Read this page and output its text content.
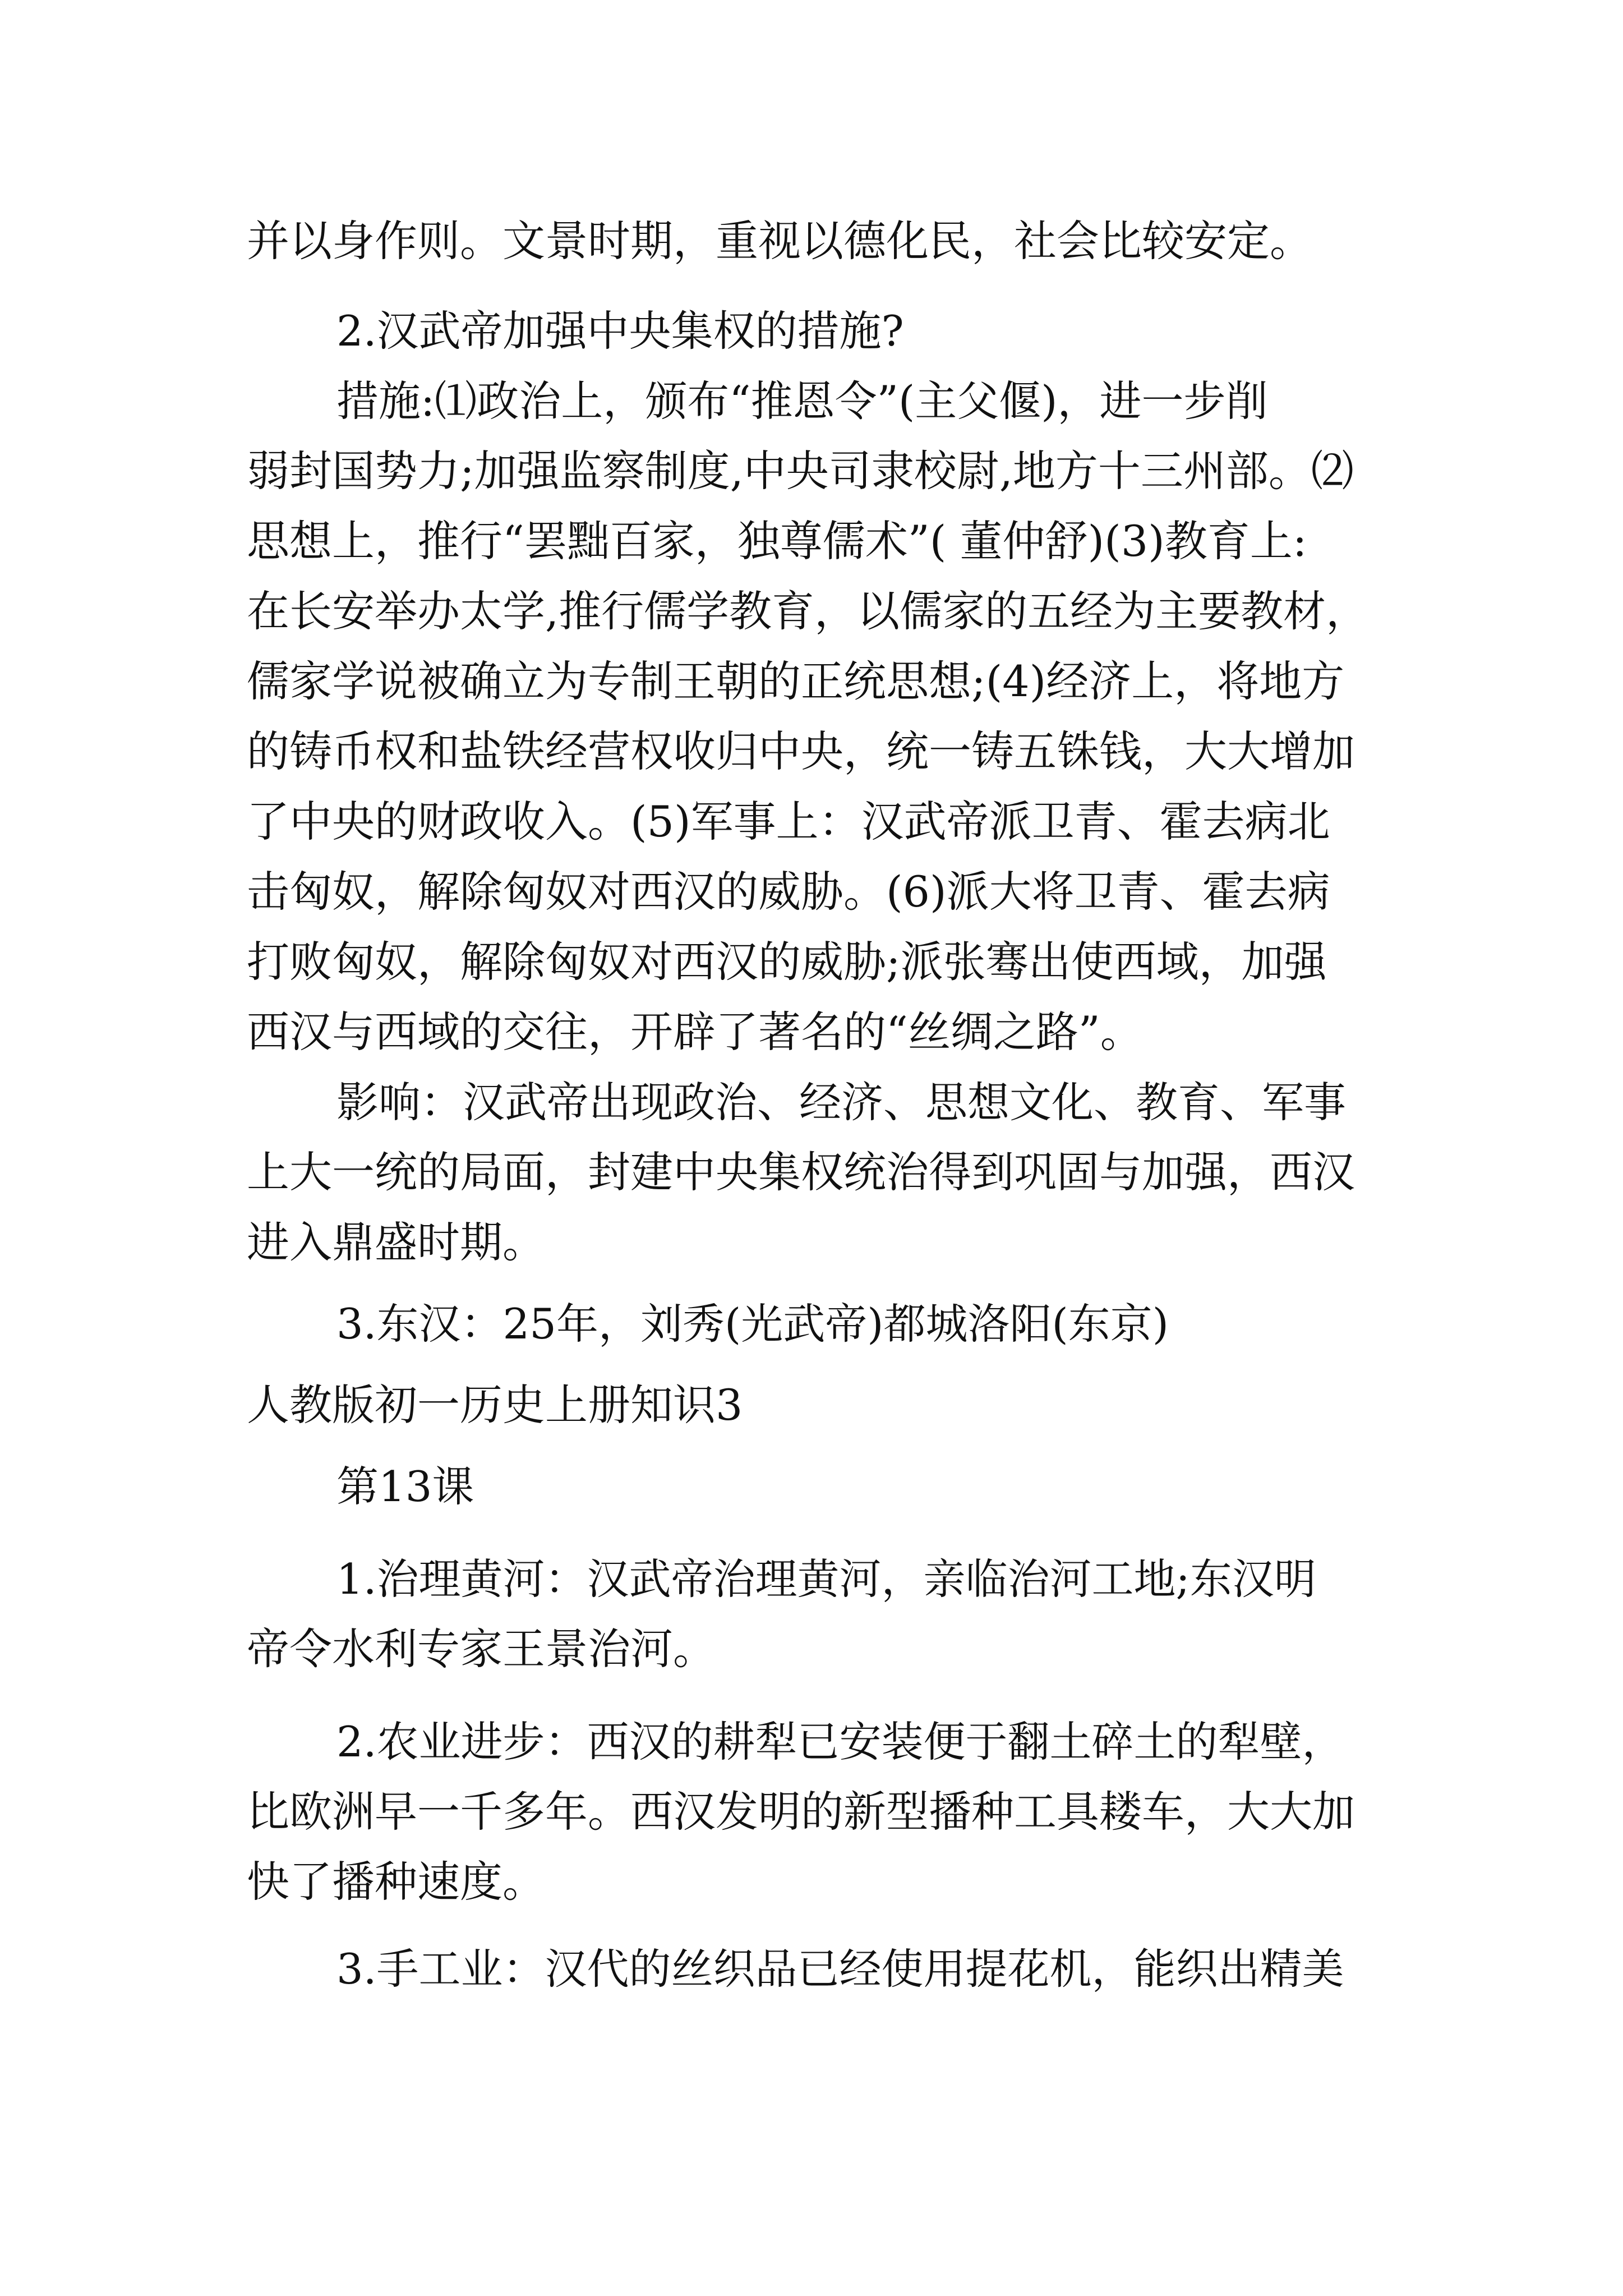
并以身作则。文景时期，重视以德化民，社会比较安定。
2.汉武帝加强中央集权的措施?
措施:⑴政治上，颁布“推恩令”(主父偃)，进一步削
弱封国势力;加强监察制度,中央司隶校尉,地方十三州部。⑵
思想上，推行“罢黜百家，独尊儒术”( 董仲舒)(3)教育上:
在长安举办太学,推行儒学教育，以儒家的五经为主要教材，
儒家学说被确立为专制王朝的正统思想;(4)经济上，将地方
的铸币权和盐铁经营权收归中央，统一铸五铢钱，大大增加
了中央的财政收入。(5)军事上：汉武帝派卫青、霍去病北
击匈奴，解除匈奴对西汉的威胁。(6)派大将卫青、霍去病
打败匈奴，解除匈奴对西汉的威胁;派张骞出使西域，加强
西汉与西域的交往，开辟了著名的“丝绸之路”。
影响：汉武帝出现政治、经济、思想文化、教育、军事
上大一统的局面，封建中央集权统治得到巩固与加强，西汉
进入鼎盛时期。
3.东汉：25年，刘秀(光武帝)都城洛阳(东京)
人教版初一历史上册知识3
第13课
1.治理黄河：汉武帝治理黄河，亲临治河工地;东汉明
帝令水利专家王景治河。
2.农业进步：西汉的耕犁已安装便于翻土碎土的犁壁，
比欧洲早一千多年。西汉发明的新型播种工具耧车，大大加
快了播种速度。
3.手工业：汉代的丝织品已经使用提花机，能织出精美
